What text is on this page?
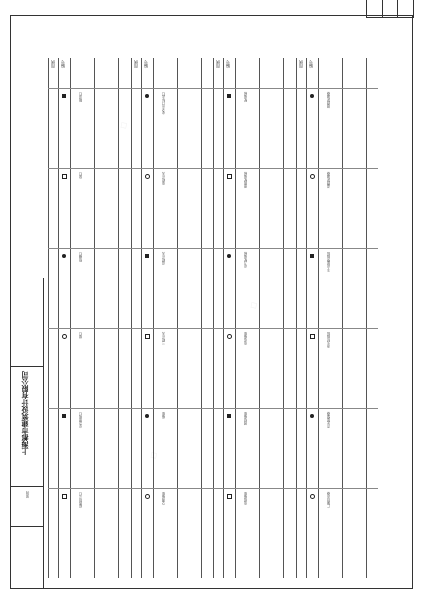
上海都市建筑设计有限公司
图例
图例 编号
吸顶灯
筒灯
格栅灯
壁灯
应急照明灯
疏散指示灯
图例 编号
安全出口标志灯
单联开关
双联开关
三联开关
插座
空调插座
图例 编号
配电箱
照明配电箱
动力配电箱
电话插座
网络插座
电视插座
图例 编号
烟感探测器
温感探测器
手动报警按钮
消火栓按钮
声光报警器
广播扬声器
◇
◇
◇
